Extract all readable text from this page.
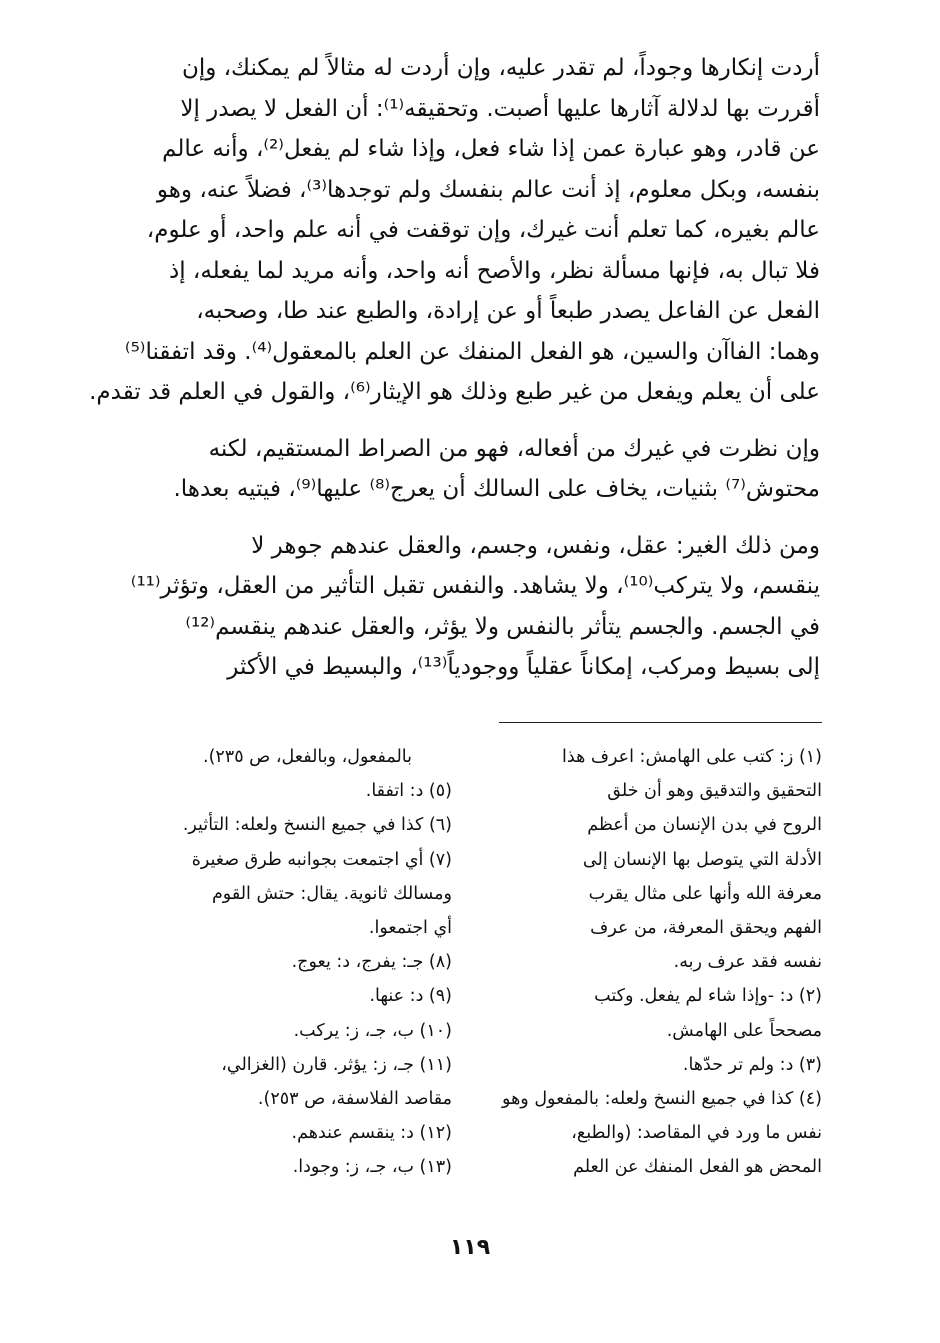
أردت إنكارها وجوداً، لم تقدر عليه، وإن أردت له مثالاً لم يمكنك، وإن
أقررت بها لدلالة آثارها عليها أصبت. وتحقيقه⁽¹⁾: أن الفعل لا يصدر إلا
عن قادر، وهو عبارة عمن إذا شاء فعل، وإذا شاء لم يفعل⁽²⁾، وأنه عالم
بنفسه، وبكل معلوم، إذ أنت عالم بنفسك ولم توجدها⁽³⁾، فضلاً عنه، وهو
عالم بغيره، كما تعلم أنت غيرك، وإن توقفت في أنه علم واحد، أو علوم،
فلا تبال به، فإنها مسألة نظر، والأصح أنه واحد، وأنه مريد لما يفعله، إذ
الفعل عن الفاعل يصدر طبعاً أو عن إرادة، والطبع عند طا، وصحبه،
وهما: الفاآن والسين، هو الفعل المنفك عن العلم بالمعقول⁽⁴⁾. وقد اتفقنا⁽⁵⁾
على أن يعلم ويفعل من غير طبع وذلك هو الإيثار⁽⁶⁾، والقول في العلم قد تقدم.

وإن نظرت في غيرك من أفعاله، فهو من الصراط المستقيم، لكنه
محتوش⁽⁷⁾ بثنيات، يخاف على السالك أن يعرج⁽⁸⁾ عليها⁽⁹⁾، فيتيه بعدها.

ومن ذلك الغير: عقل، ونفس، وجسم، والعقل عندهم جوهر لا
ينقسم، ولا يتركب⁽¹⁰⁾، ولا يشاهد. والنفس تقبل التأثير من العقل، وتؤثر⁽¹¹⁾
في الجسم. والجسم يتأثر بالنفس ولا يؤثر، والعقل عندهم ينقسم⁽¹²⁾
إلى بسيط ومركب، إمكاناً عقلياً ووجودياً⁽¹³⁾، والبسيط في الأكثر

(١) ز: كتب على الهامش: اعرف هذا
التحقيق والتدقيق وهو أن خلق
الروح في بدن الإنسان من أعظم
الأدلة التي يتوصل بها الإنسان إلى
معرفة الله وأنها على مثال يقرب
الفهم ويحقق المعرفة، من عرف
نفسه فقد عرف ربه.
(٢) د: -وإذا شاء لم يفعل. وكتب
مصححاً على الهامش.
(٣) د: ولم تر حدّها.
(٤) كذا في جميع النسخ ولعله: بالمفعول وهو
نفس ما ورد في المقاصد: (والطبع،
المحض هو الفعل المنفك عن العلم
بالمفعول، وبالفعل، ص ٢٣٥).
(٥) د: اتفقا.
(٦) كذا في جميع النسخ ولعله: التأثير.
(٧) أي اجتمعت بجوانبه طرق صغيرة
ومسالك ثانوية. يقال: حتش القوم
أي اجتمعوا.
(٨) جـ: يفرج، د: يعوج.
(٩) د: عنها.
(١٠) ب، جـ، ز: يركب.
(١١) جـ، ز: يؤثر. قارن (الغزالي،
مقاصد الفلاسفة، ص ٢٥٣).
(١٢) د: ينقسم عندهم.
(١٣) ب، جـ، ز: وجودا.
١١٩
